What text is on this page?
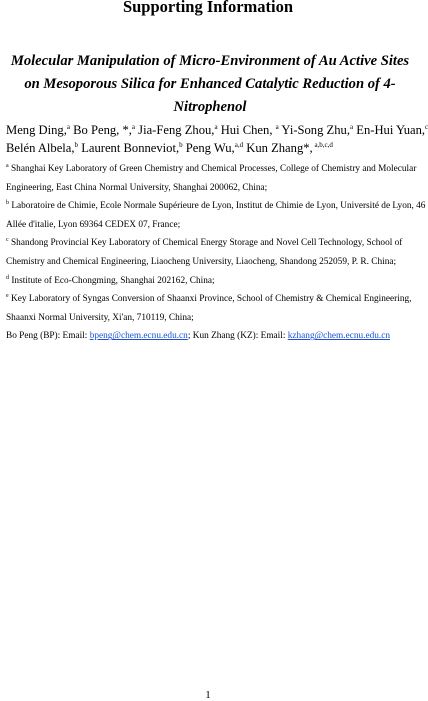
Supporting Information
Molecular Manipulation of Micro-Environment of Au Active Sites
on Mesoporous Silica for Enhanced Catalytic Reduction of 4-
Nitrophenol
Meng Ding,$^a$ Bo Peng, *,$^a$ Jia-Feng Zhou,$^a$ Hui Chen, $^a$ Yi-Song Zhu,$^a$ En-Hui Yuan,$^c$
Belén Albela,$^b$ Laurent Bonneviot,$^b$ Peng Wu,$^{a,d}$ Kun Zhang*, $^{a,b,c,d}$
$^a$ Shanghai Key Laboratory of Green Chemistry and Chemical Processes, College of Chemistry and Molecular
Engineering, East China Normal University, Shanghai 200062, China;
$^b$ Laboratoire de Chimie, Ecole Normale Supérieure de Lyon, Institut de Chimie de Lyon, Université de Lyon, 46
Allée d'italie, Lyon 69364 CEDEX 07, France;
$^c$ Shandong Provincial Key Laboratory of Chemical Energy Storage and Novel Cell Technology, School of
Chemistry and Chemical Engineering, Liaocheng University, Liaocheng, Shandong 252059, P. R. China;
$^d$ Institute of Eco-Chongming, Shanghai 202162, China;
$^e$ Key Laboratory of Syngas Conversion of Shaanxi Province, School of Chemistry & Chemical Engineering,
Shaanxi Normal University, Xi'an, 710119, China;
Bo Peng (BP): Email: bpeng@chem.ecnu.edu.cn; Kun Zhang (KZ): Email: kzhang@chem.ecnu.edu.cn
1
